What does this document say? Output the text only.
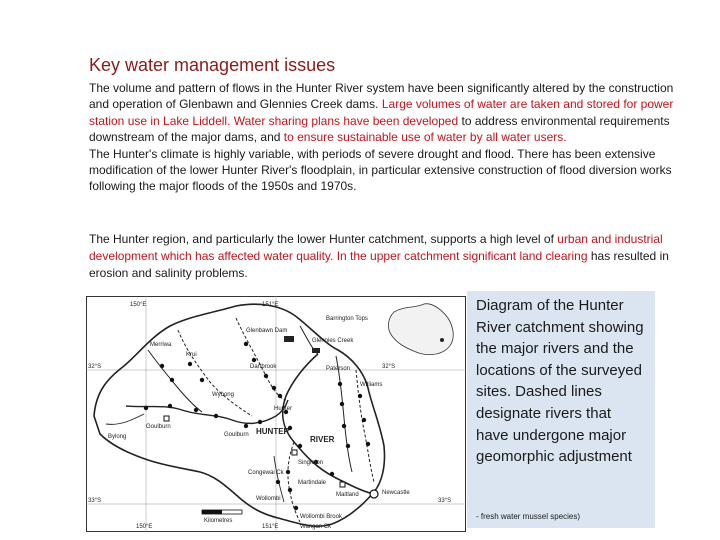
Key water management issues

The volume and pattern of flows in the Hunter River system have been significantly altered by the construction and operation of Glenbawn and Glennies Creek dams. Large volumes of water are taken and stored for power station use in Lake Liddell. Water sharing plans have been developed to address environmental requirements downstream of the major dams, and to ensure sustainable use of water by all water users.

The Hunter's climate is highly variable, with periods of severe drought and flood. There has been extensive modification of the lower Hunter River's floodplain, in particular extensive construction of flood diversion works following the major floods of the 1950s and 1970s.

The Hunter region, and particularly the lower Hunter catchment, supports a high level of urban and industrial development which has affected water quality. In the upper catchment significant land clearing has resulted in erosion and salinity problems.

150°E	151°E
150°E	151°E
32°S	32°S
33°S	33°S
Barrington Tops
Glenbawn Dam
Glennies Creek
HUNTER
RIVER
Singleton
Goulburn
Wollombi
Maitland	Newcastle
Kilometres
Krui
Merriwa
Wybong
Paterson
Williams
Wollombi Brook
Congewai Ck
Martindale
Dartbrook
Hunter
Goulburn
Bylong
Wangan Ck

Diagram of the Hunter River catchment showing the major rivers and the locations of the surveyed sites. Dashed lines designate rivers that have undergone major geomorphic adjustment

- fresh water mussel species)
